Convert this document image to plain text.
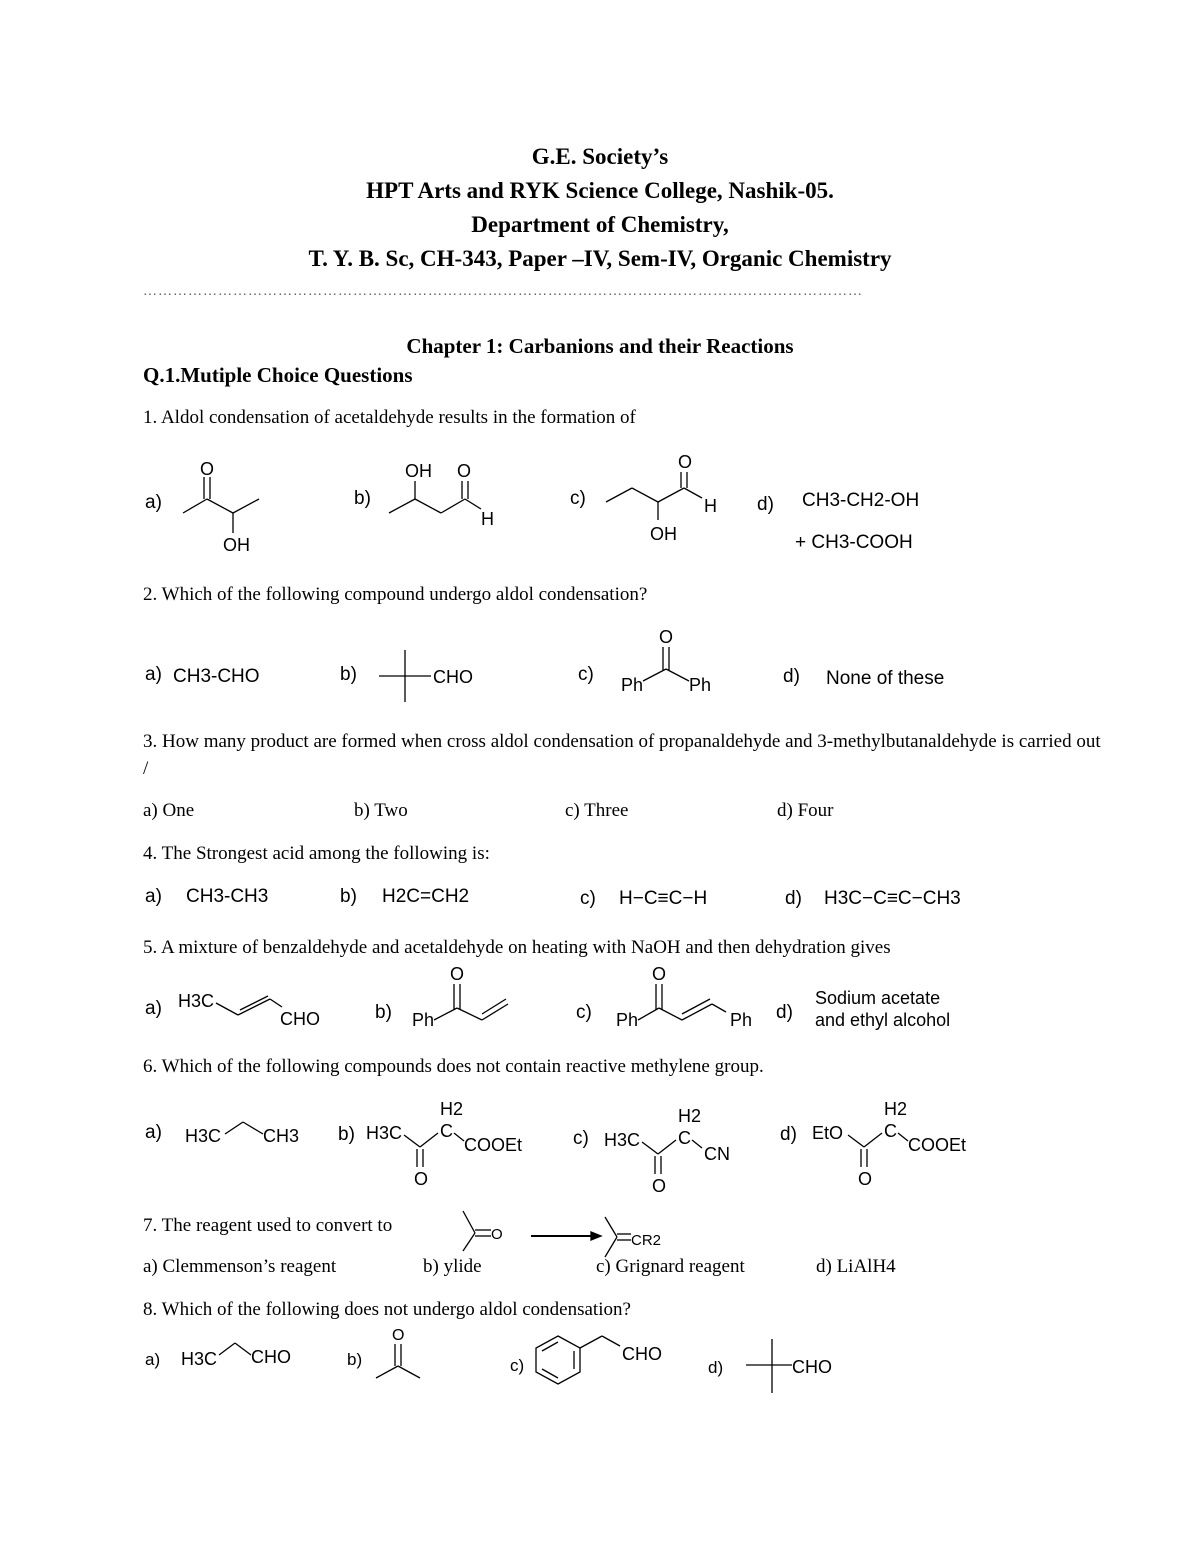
G.E. Society’s
HPT Arts and RYK Science College, Nashik-05.
Department of Chemistry,
T. Y. B. Sc, CH-343, Paper –IV, Sem-IV, Organic Chemistry
………………………………………………………………………………………………………………………………
Chapter 1: Carbanions and their Reactions
Q.1.Mutiple Choice Questions
1. Aldol condensation of acetaldehyde results in the formation of
a)
O
OH
b)
OH O
H
c)
O
H
OH
d) CH3-CH2-OH
+ CH3-COOH
2. Which of the following compound undergo aldol condensation?
a) CH3-CHO	b)	CHO	c)
O
Ph	Ph	d) None of these
3. How many product are formed when cross aldol condensation of propanaldehyde and 3-methylbutanaldehyde is carried out /
a) One	b) Two	c) Three	d) Four
4. The Strongest acid among the following is:
a) CH3-CH3	b) H2C=CH2	c) H−C≡C−H	d) H3C−C≡C−CH3
5. A mixture of benzaldehyde and acetaldehyde on heating with NaOH and then dehydration gives
a) H3C
CHO	b)
O
Ph	c)
O
Ph	Ph d)
Sodium acetate
and ethyl alcohol
6. Which of the following compounds does not contain reactive methylene group.
a) H3C CH3 b)
H2
C
H3C
O
COOEt	c)
H2
C
H3C
O
CN
d)
H2
C
EtO
O
COOEt
7. The reagent used to convert to	O	CR2
a) Clemmenson’s reagent	b) ylide	c) Grignard reagent	d) LiAlH4
8. Which of the following does not undergo aldol condensation?
a) H3C CHO	b)
O
c)
CHO
d)	CHO
